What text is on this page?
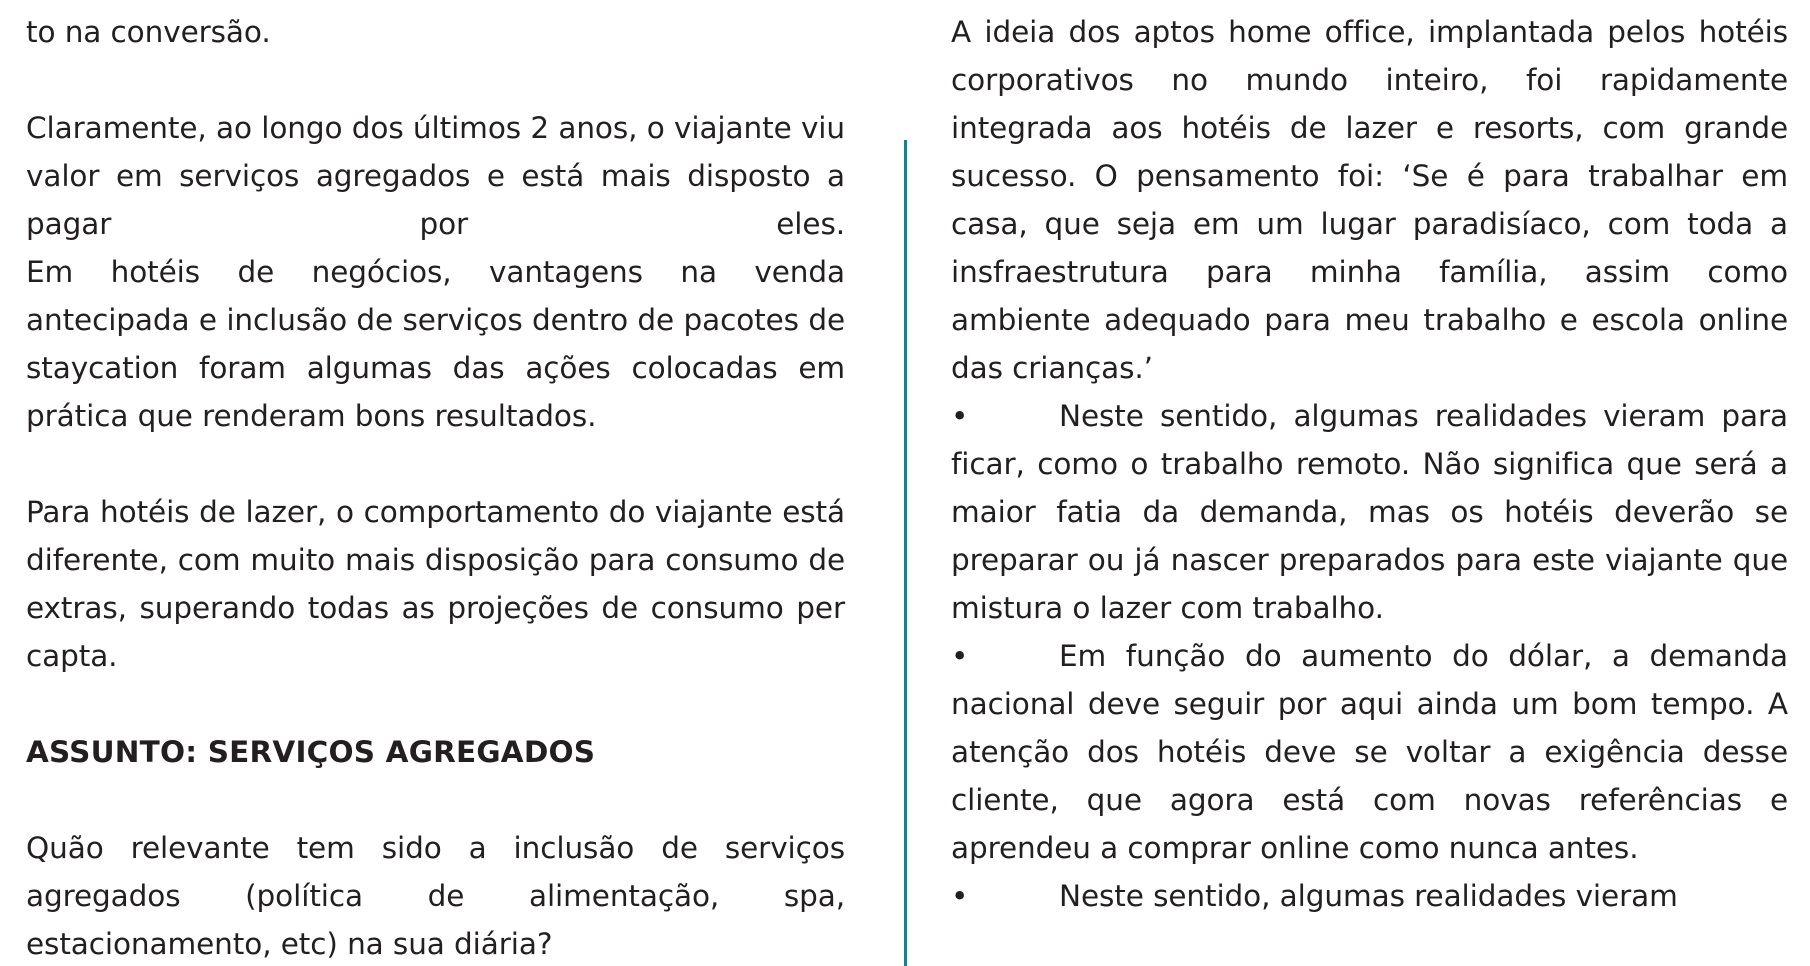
to na conversão.

Claramente, ao longo dos últimos 2 anos, o viajante viu valor em serviços agregados e está mais disposto a pagar por eles.

Em hotéis de negócios, vantagens na venda antecipada e inclusão de serviços dentro de pacotes de staycation foram algumas das ações colocadas em prática que renderam bons resultados.

Para hotéis de lazer, o comportamento do viajante está diferente, com muito mais disposição para consumo de extras, superando todas as projeções de consumo per capta.

ASSUNTO: SERVIÇOS AGREGADOS

Quão relevante tem sido a inclusão de serviços agregados (política de alimentação, spa, estacionamento, etc) na sua diária?

A ideia dos aptos home office, implantada pelos hotéis corporativos no mundo inteiro, foi rapidamente integrada aos hotéis de lazer e resorts, com grande sucesso. O pensamento foi: ‘Se é para trabalhar em casa, que seja em um lugar paradisíaco, com toda a insfraestrutura para minha família, assim como ambiente adequado para meu trabalho e escola online das crianças.’

•	Neste sentido, algumas realidades vieram para ficar, como o trabalho remoto. Não significa que será a maior fatia da demanda, mas os hotéis deverão se preparar ou já nascer preparados para este viajante que mistura o lazer com trabalho.
•	Em função do aumento do dólar, a demanda nacional deve seguir por aqui ainda um bom tempo. A atenção dos hotéis deve se voltar a exigência desse cliente, que agora está com novas referências e aprendeu a comprar online como nunca antes.
•	Neste sentido, algumas realidades vieram
